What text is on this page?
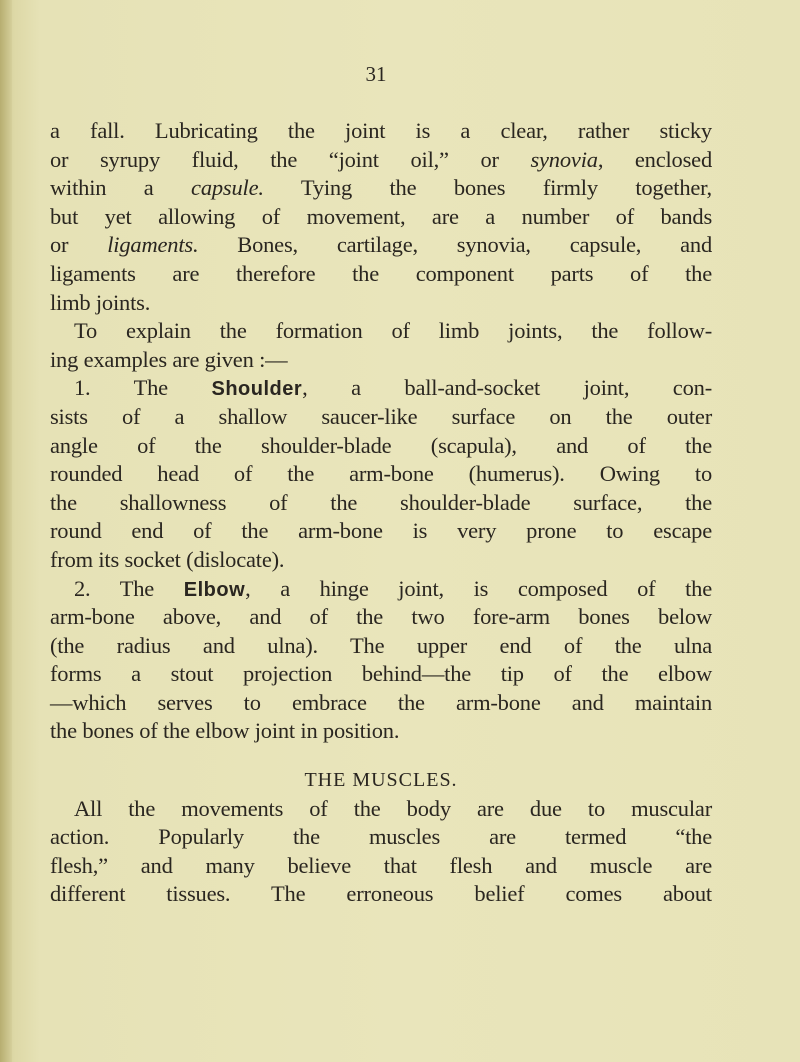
31
a fall. Lubricating the joint is a clear, rather sticky
or syrupy fluid, the “joint oil,” or synovia, enclosed
within a capsule. Tying the bones firmly together,
but yet allowing of movement, are a number of bands
or ligaments. Bones, cartilage, synovia, capsule, and
ligaments are therefore the component parts of the
limb joints.
To explain the formation of limb joints, the follow-
ing examples are given :—
1. The Shoulder, a ball-and-socket joint, con-
sists of a shallow saucer-like surface on the outer
angle of the shoulder-blade (scapula), and of the
rounded head of the arm-bone (humerus). Owing to
the shallowness of the shoulder-blade surface, the
round end of the arm-bone is very prone to escape
from its socket (dislocate).
2. The Elbow, a hinge joint, is composed of the
arm-bone above, and of the two fore-arm bones below
(the radius and ulna). The upper end of the ulna
forms a stout projection behind—the tip of the elbow
—which serves to embrace the arm-bone and maintain
the bones of the elbow joint in position.
THE MUSCLES.
All the movements of the body are due to muscular
action. Popularly the muscles are termed “the
flesh,” and many believe that flesh and muscle are
different tissues. The erroneous belief comes about
